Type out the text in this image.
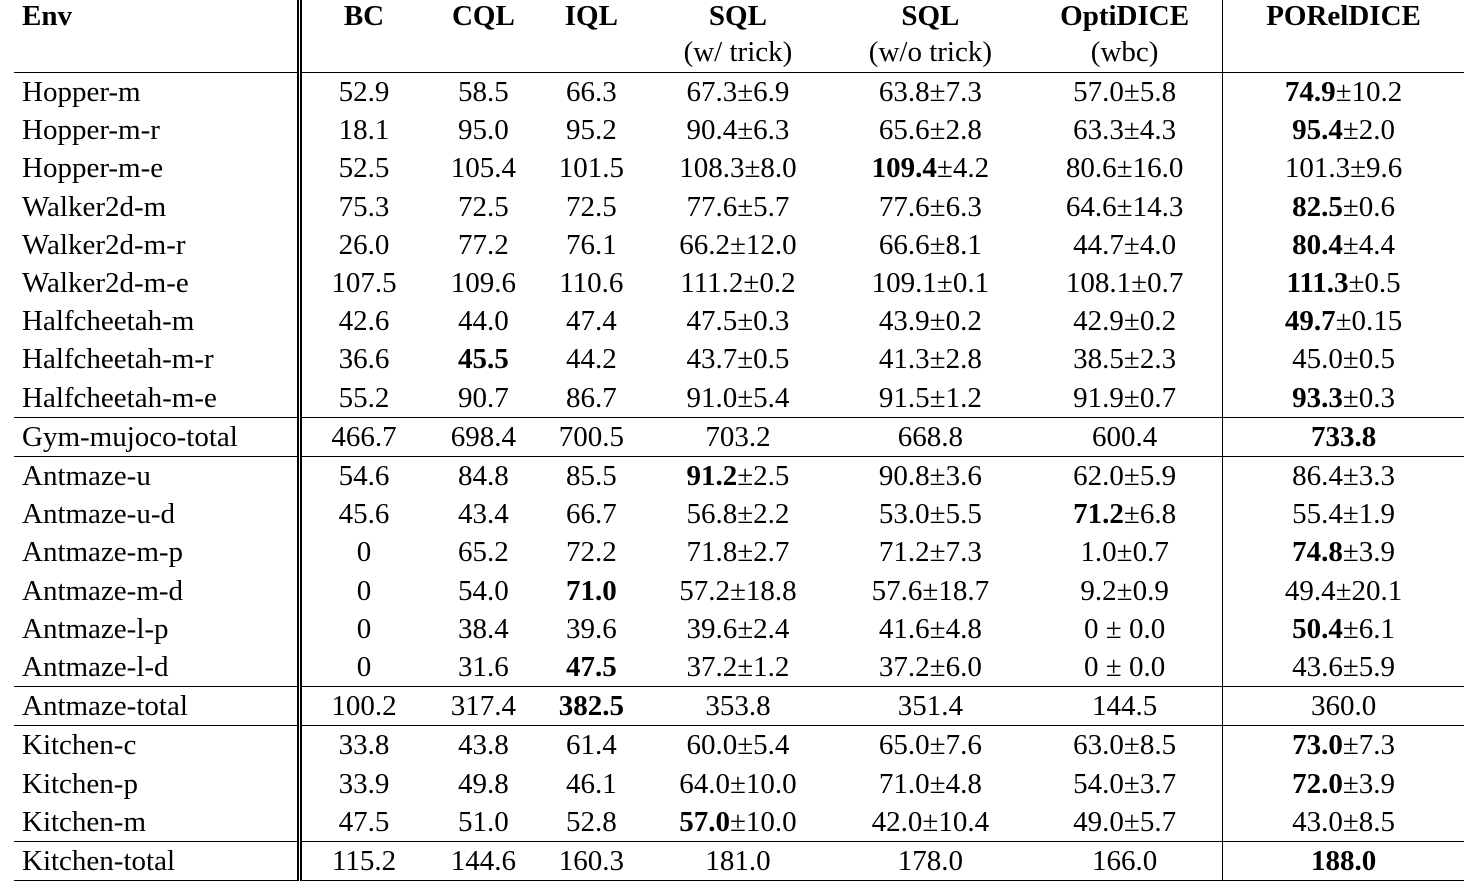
Env	BC	CQL	IQL	SQL	SQL	OptiDICE	PORelDICE
				(w/ trick)	(w/o trick)	(wbc)	
Hopper-m	52.9	58.5	66.3	67.3±6.9	63.8±7.3	57.0±5.8	74.9±10.2
Hopper-m-r	18.1	95.0	95.2	90.4±6.3	65.6±2.8	63.3±4.3	95.4±2.0
Hopper-m-e	52.5	105.4	101.5	108.3±8.0	109.4±4.2	80.6±16.0	101.3±9.6
Walker2d-m	75.3	72.5	72.5	77.6±5.7	77.6±6.3	64.6±14.3	82.5±0.6
Walker2d-m-r	26.0	77.2	76.1	66.2±12.0	66.6±8.1	44.7±4.0	80.4±4.4
Walker2d-m-e	107.5	109.6	110.6	111.2±0.2	109.1±0.1	108.1±0.7	111.3±0.5
Halfcheetah-m	42.6	44.0	47.4	47.5±0.3	43.9±0.2	42.9±0.2	49.7±0.15
Halfcheetah-m-r	36.6	45.5	44.2	43.7±0.5	41.3±2.8	38.5±2.3	45.0±0.5
Halfcheetah-m-e	55.2	90.7	86.7	91.0±5.4	91.5±1.2	91.9±0.7	93.3±0.3
Gym-mujoco-total	466.7	698.4	700.5	703.2	668.8	600.4	733.8
Antmaze-u	54.6	84.8	85.5	91.2±2.5	90.8±3.6	62.0±5.9	86.4±3.3
Antmaze-u-d	45.6	43.4	66.7	56.8±2.2	53.0±5.5	71.2±6.8	55.4±1.9
Antmaze-m-p	0	65.2	72.2	71.8±2.7	71.2±7.3	1.0±0.7	74.8±3.9
Antmaze-m-d	0	54.0	71.0	57.2±18.8	57.6±18.7	9.2±0.9	49.4±20.1
Antmaze-l-p	0	38.4	39.6	39.6±2.4	41.6±4.8	0 ± 0.0	50.4±6.1
Antmaze-l-d	0	31.6	47.5	37.2±1.2	37.2±6.0	0 ± 0.0	43.6±5.9
Antmaze-total	100.2	317.4	382.5	353.8	351.4	144.5	360.0
Kitchen-c	33.8	43.8	61.4	60.0±5.4	65.0±7.6	63.0±8.5	73.0±7.3
Kitchen-p	33.9	49.8	46.1	64.0±10.0	71.0±4.8	54.0±3.7	72.0±3.9
Kitchen-m	47.5	51.0	52.8	57.0±10.0	42.0±10.4	49.0±5.7	43.0±8.5
Kitchen-total	115.2	144.6	160.3	181.0	178.0	166.0	188.0
